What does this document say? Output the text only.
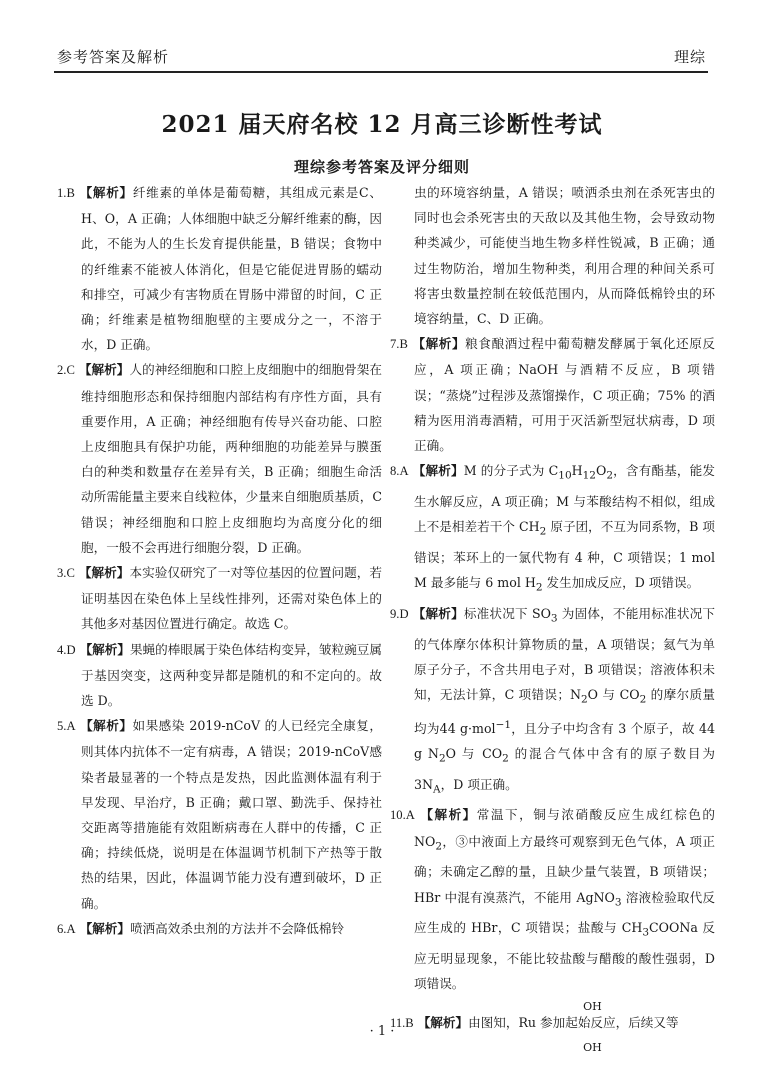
参考答案及解析	理综
2021 届天府名校 12 月高三诊断性考试
理综参考答案及评分细则

1.B 【解析】纤维素的单体是葡萄糖，其组成元素是C、H、O，A 正确；人体细胞中缺乏分解纤维素的酶，因此，不能为人的生长发育提供能量，B 错误；食物中的纤维素不能被人体消化，但是它能促进胃肠的蠕动和排空，可减少有害物质在胃肠中滞留的时间，C 正确；纤维素是植物细胞壁的主要成分之一，不溶于水，D 正确。

2.C 【解析】人的神经细胞和口腔上皮细胞中的细胞骨架在维持细胞形态和保持细胞内部结构有序性方面，具有重要作用，A 正确；神经细胞有传导兴奋功能、口腔上皮细胞具有保护功能，两种细胞的功能差异与膜蛋白的种类和数量存在差异有关，B 正确；细胞生命活动所需能量主要来自线粒体，少量来自细胞质基质，C 错误；神经细胞和口腔上皮细胞均为高度分化的细胞，一般不会再进行细胞分裂，D 正确。

3.C 【解析】本实验仅研究了一对等位基因的位置问题，若证明基因在染色体上呈线性排列，还需对染色体上的其他多对基因位置进行确定。故选 C。

4.D 【解析】果蝇的棒眼属于染色体结构变异，皱粒豌豆属于基因突变，这两种变异都是随机的和不定向的。故选 D。

5.A 【解析】如果感染 2019-nCoV 的人已经完全康复，则其体内抗体不一定有病毒，A 错误；2019-nCoV感染者最显著的一个特点是发热，因此监测体温有利于早发现、早治疗，B 正确；戴口罩、勤洗手、保持社交距离等措施能有效阻断病毒在人群中的传播，C 正确；持续低烧，说明是在体温调节机制下产热等于散热的结果，因此，体温调节能力没有遭到破坏，D 正确。

6.A 【解析】喷洒高效杀虫剂的方法并不会降低棉铃

虫的环境容纳量，A 错误；喷洒杀虫剂在杀死害虫的同时也会杀死害虫的天敌以及其他生物，会导致动物种类减少，可能使当地生物多样性锐减，B 正确；通过生物防治，增加生物种类，利用合理的种间关系可将害虫数量控制在较低范围内，从而降低棉铃虫的环境容纳量，C、D 正确。

7.B 【解析】粮食酿酒过程中葡萄糖发酵属于氧化还原反应，A 项正确；NaOH 与酒精不反应，B 项错误；“蒸烧”过程涉及蒸馏操作，C 项正确；75% 的酒精为医用消毒酒精，可用于灭活新型冠状病毒，D 项正确。

8.A 【解析】M 的分子式为 $C_{10}H_{12}O_2$，含有酯基，能发生水解反应，A 项正确；M 与苯酸结构不相似，组成上不是相差若干个 $CH_2$ 原子团，不互为同系物，B 项错误；苯环上的一氯代物有 4 种，C 项错误；1 mol M 最多能与 6 mol $H_2$ 发生加成反应，D 项错误。

9.D 【解析】标准状况下 $SO_3$ 为固体，不能用标准状况下的气体摩尔体积计算物质的量，A 项错误；氦气为单原子分子，不含共用电子对，B 项错误；溶液体积未知，无法计算，C 项错误；$N_2O$ 与 $CO_2$ 的摩尔质量均为44 g·mol$^{-1}$，且分子中均含有 3 个原子，故 44 g $N_2O$ 与 $CO_2$ 的混合气体中含有的原子数目为 $3N_A$，D 项正确。

10.A 【解析】常温下，铜与浓硝酸反应生成红棕色的 $NO_2$，③中液面上方最终可观察到无色气体，A 项正确；未确定乙醇的量，且缺少量气装置，B 项错误；HBr 中混有溴蒸汽，不能用 AgNO$_3$ 溶液检验取代反应生成的 HBr，C 项错误；盐酸与 $CH_3COONa$ 反应无明显现象，不能比较盐酸与醋酸的酸性强弱，D 项错误。

11.B 【解析】由图知，Ru 参加起始反应，后续又等
OH
OH

· 1 ·
